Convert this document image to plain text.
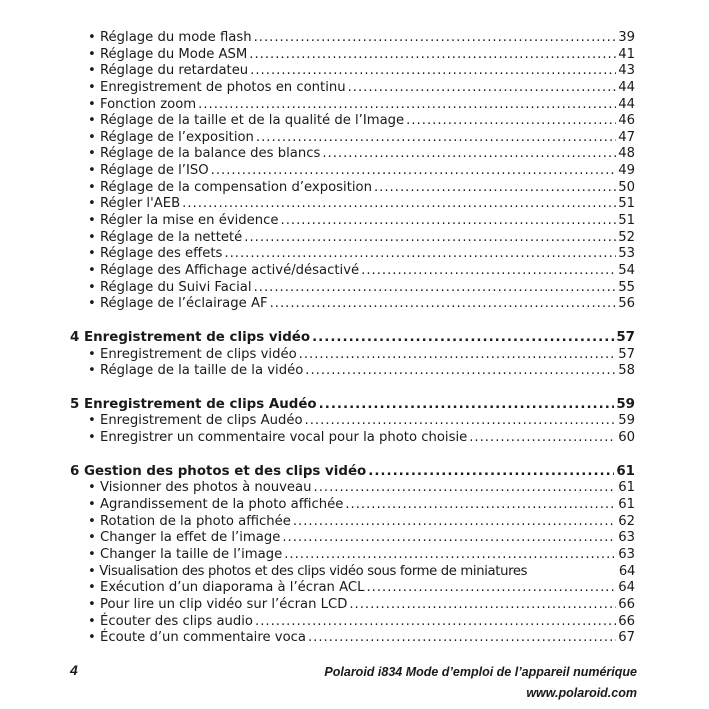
• Réglage du mode flash .....	39
• Réglage du Mode ASM .....	41
• Réglage du retardateu .....	43
• Enregistrement de photos en continu .....	44
• Fonction zoom .....	44
• Réglage de la taille et de la qualité de l’Image .....	46
• Réglage de l’exposition .....	47
• Réglage de la balance des blancs .....	48
• Réglage de l’ISO .....	49
• Réglage de la compensation d’exposition .....	50
• Régler l'AEB .....	51
• Régler la mise en évidence .....	51
• Réglage de la netteté .....	52
• Réglage des effets .....	53
• Réglage des Affichage activé/désactivé .....	54
• Réglage du Suivi Facial .....	55
• Réglage de l’éclairage AF .....	56
4 Enregistrement de clips vidéo .....	57
• Enregistrement de clips vidéo .....	57
• Réglage de la taille de la vidéo .....	58
5 Enregistrement de clips Audéo .....	59
• Enregistrement de clips Audéo .....	59
• Enregistrer un commentaire vocal pour la photo choisie .....	60
6 Gestion des photos et des clips vidéo .....	61
• Visionner des photos à nouveau .....	61
• Agrandissement de la photo affichée .....	61
• Rotation de la photo affichée .....	62
• Changer la effet de l’image .....	63
• Changer la taille de l’image .....	63
• Visualisation des photos et des clips vidéo sous forme de miniatures	64
• Exécution d’un diaporama à l’écran ACL .....	64
• Pour lire un clip vidéo sur l’écran LCD .....	66
• Écouter des clips audio .....	66
• Écoute d’un commentaire voca .....	67
4	Polaroid i834 Mode d’emploi de l’appareil numérique
www.polaroid.com
